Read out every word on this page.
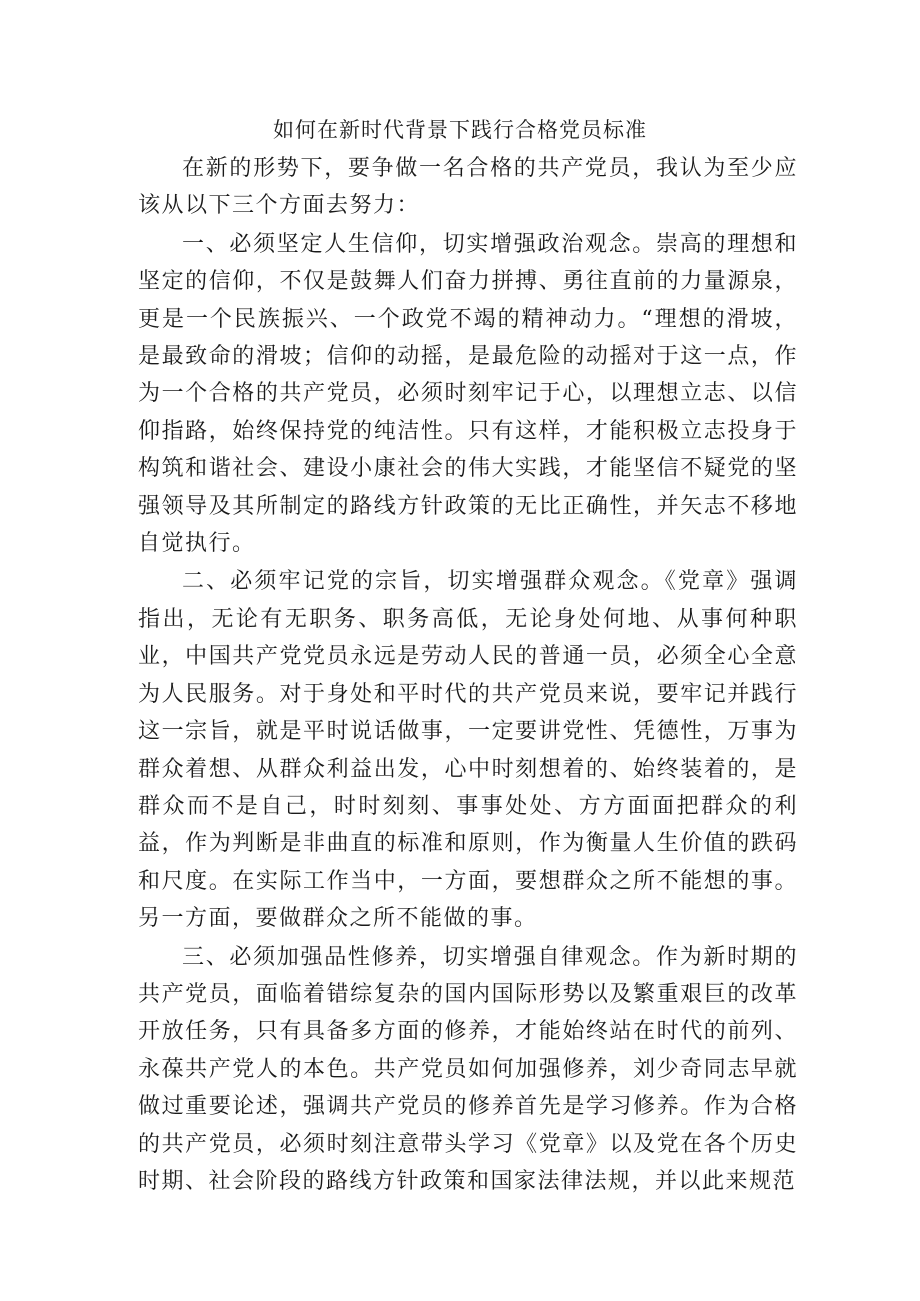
如何在新时代背景下践行合格党员标准

在新的形势下，要争做一名合格的共产党员，我认为至少应该从以下三个方面去努力：

一、必须坚定人生信仰，切实增强政治观念。崇高的理想和坚定的信仰，不仅是鼓舞人们奋力拼搏、勇往直前的力量源泉，更是一个民族振兴、一个政党不竭的精神动力。“理想的滑坡，是最致命的滑坡；信仰的动摇，是最危险的动摇对于这一点，作为一个合格的共产党员，必须时刻牢记于心，以理想立志、以信仰指路，始终保持党的纯洁性。只有这样，才能积极立志投身于构筑和谐社会、建设小康社会的伟大实践，才能坚信不疑党的坚强领导及其所制定的路线方针政策的无比正确性，并矢志不移地自觉执行。

二、必须牢记党的宗旨，切实增强群众观念。《党章》强调指出，无论有无职务、职务高低，无论身处何地、从事何种职业，中国共产党党员永远是劳动人民的普通一员，必须全心全意为人民服务。对于身处和平时代的共产党员来说，要牢记并践行这一宗旨，就是平时说话做事，一定要讲党性、凭德性，万事为群众着想、从群众利益出发，心中时刻想着的、始终装着的，是群众而不是自己，时时刻刻、事事处处、方方面面把群众的利益，作为判断是非曲直的标准和原则，作为衡量人生价值的跌码和尺度。在实际工作当中，一方面，要想群众之所不能想的事。另一方面，要做群众之所不能做的事。

三、必须加强品性修养，切实增强自律观念。作为新时期的共产党员，面临着错综复杂的国内国际形势以及繁重艰巨的改革开放任务，只有具备多方面的修养，才能始终站在时代的前列、永葆共产党人的本色。共产党员如何加强修养，刘少奇同志早就做过重要论述，强调共产党员的修养首先是学习修养。作为合格的共产党员，必须时刻注意带头学习《党章》以及党在各个历史时期、社会阶段的路线方针政策和国家法律法规，并以此来规范
